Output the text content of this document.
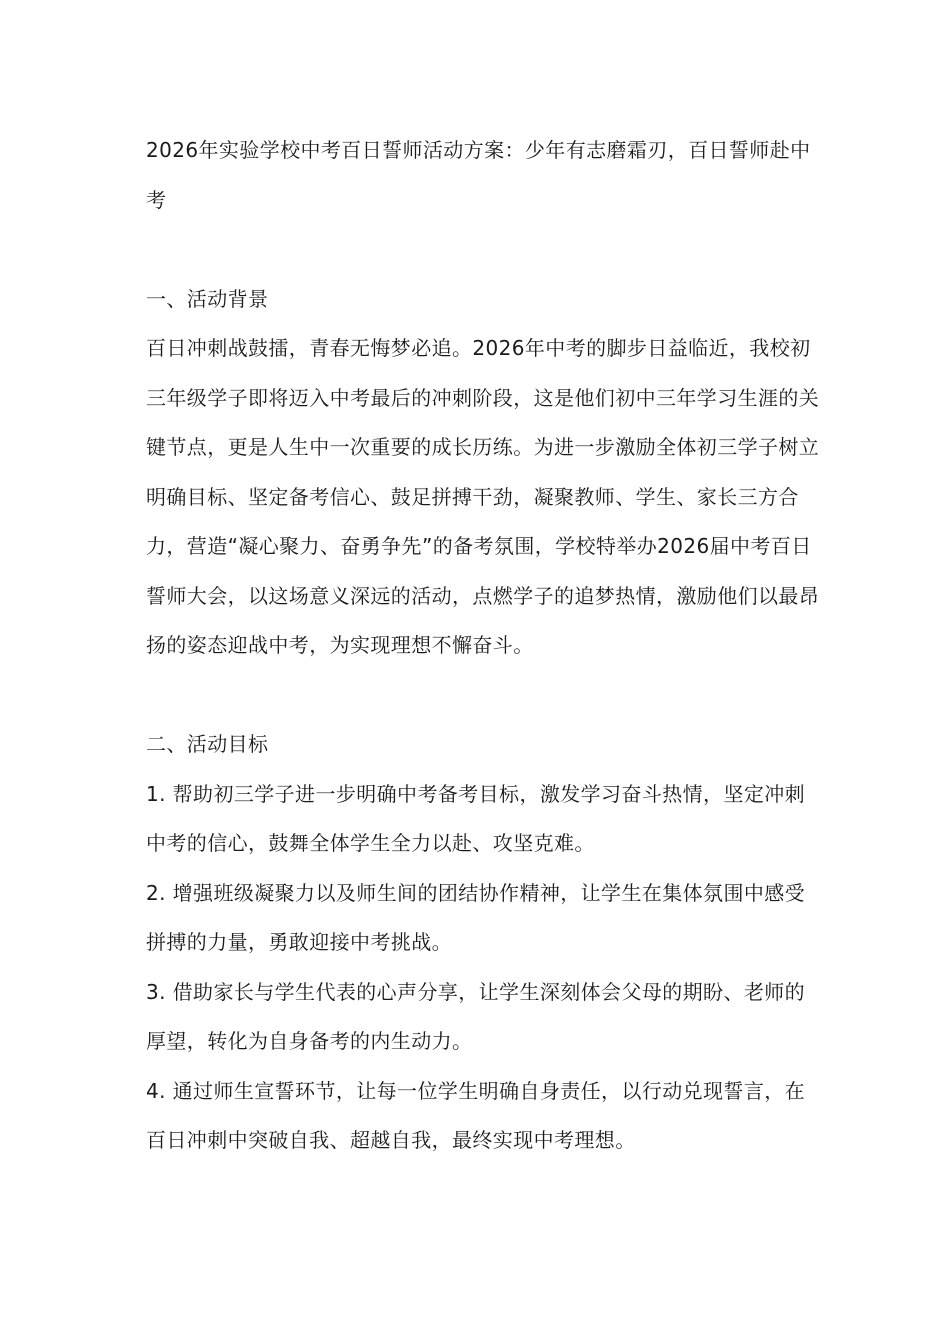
2026年实验学校中考百日誓师活动方案：少年有志磨霜刃，百日誓师赴中考

一、活动背景

百日冲刺战鼓擂，青春无悔梦必追。2026年中考的脚步日益临近，我校初三年级学子即将迈入中考最后的冲刺阶段，这是他们初中三年学习生涯的关键节点，更是人生中一次重要的成长历练。为进一步激励全体初三学子树立明确目标、坚定备考信心、鼓足拼搏干劲，凝聚教师、学生、家长三方合力，营造“凝心聚力、奋勇争先”的备考氛围，学校特举办2026届中考百日誓师大会，以这场意义深远的活动，点燃学子的追梦热情，激励他们以最昂扬的姿态迎战中考，为实现理想不懈奋斗。

二、活动目标

1. 帮助初三学子进一步明确中考备考目标，激发学习奋斗热情，坚定冲刺中考的信心，鼓舞全体学生全力以赴、攻坚克难。

2. 增强班级凝聚力以及师生间的团结协作精神，让学生在集体氛围中感受拼搏的力量，勇敢迎接中考挑战。

3. 借助家长与学生代表的心声分享，让学生深刻体会父母的期盼、老师的厚望，转化为自身备考的内生动力。

4. 通过师生宣誓环节，让每一位学生明确自身责任，以行动兑现誓言，在百日冲刺中突破自我、超越自我，最终实现中考理想。
